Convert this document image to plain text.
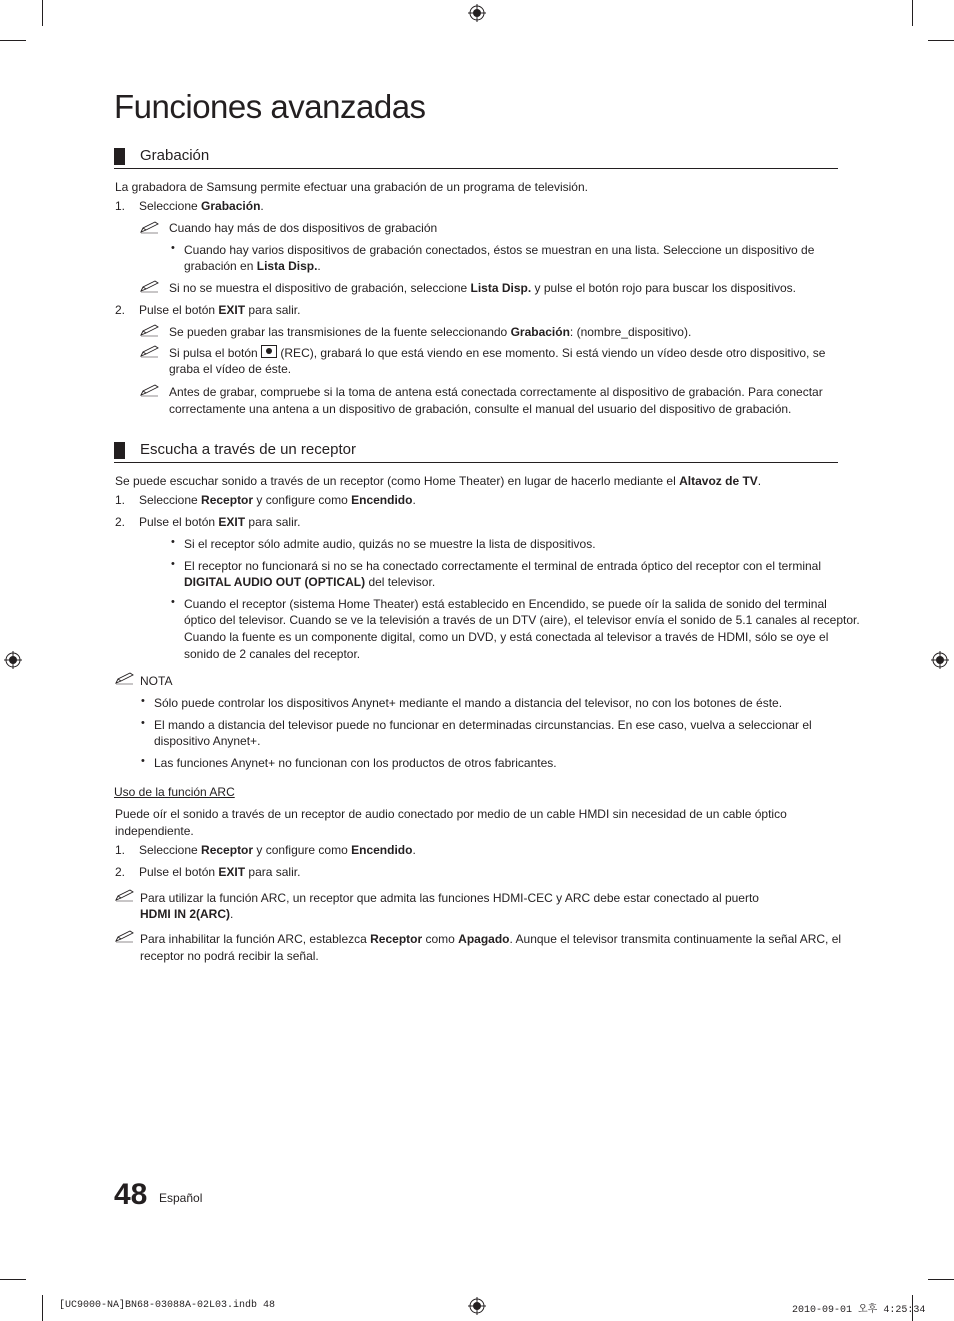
Funciones avanzadas
Grabación
La grabadora de Samsung permite efectuar una grabación de un programa de televisión.
1. Seleccione Grabación.
Cuando hay más de dos dispositivos de grabación
• Cuando hay varios dispositivos de grabación conectados, éstos se muestran en una lista. Seleccione un dispositivo de
grabación en Lista Disp..
Si no se muestra el dispositivo de grabación, seleccione Lista Disp. y pulse el botón rojo para buscar los dispositivos.
2. Pulse el botón EXIT para salir.
Se pueden grabar las transmisiones de la fuente seleccionando Grabación: (nombre_dispositivo).
Si pulsa el botón  (REC), grabará lo que está viendo en ese momento. Si está viendo un vídeo desde otro dispositivo, se
graba el vídeo de éste.
Antes de grabar, compruebe si la toma de antena está conectada correctamente al dispositivo de grabación. Para conectar
correctamente una antena a un dispositivo de grabación, consulte el manual del usuario del dispositivo de grabación.
Escucha a través de un receptor
Se puede escuchar sonido a través de un receptor (como Home Theater) en lugar de hacerlo mediante el Altavoz de TV.
1. Seleccione Receptor y configure como Encendido.
2. Pulse el botón EXIT para salir.
• Si el receptor sólo admite audio, quizás no se muestre la lista de dispositivos.
• El receptor no funcionará si no se ha conectado correctamente el terminal de entrada óptico del receptor con el terminal
DIGITAL AUDIO OUT (OPTICAL) del televisor.
• Cuando el receptor (sistema Home Theater) está establecido en Encendido, se puede oír la salida de sonido del terminal
óptico del televisor. Cuando se ve la televisión a través de un DTV (aire), el televisor envía el sonido de 5.1 canales al receptor.
Cuando la fuente es un componente digital, como un DVD, y está conectada al televisor a través de HDMI, sólo se oye el
sonido de 2 canales del receptor.
NOTA
• Sólo puede controlar los dispositivos Anynet+ mediante el mando a distancia del televisor, no con los botones de éste.
• El mando a distancia del televisor puede no funcionar en determinadas circunstancias. En ese caso, vuelva a seleccionar el
dispositivo Anynet+.
• Las funciones Anynet+ no funcionan con los productos de otros fabricantes.
Uso de la función ARC
Puede oír el sonido a través de un receptor de audio conectado por medio de un cable HMDI sin necesidad de un cable óptico
independiente.
1. Seleccione Receptor y configure como Encendido.
2. Pulse el botón EXIT para salir.
Para utilizar la función ARC, un receptor que admita las funciones HDMI-CEC y ARC debe estar conectado al puerto
HDMI IN 2(ARC).
Para inhabilitar la función ARC, establezca Receptor como Apagado. Aunque el televisor transmita continuamente la señal ARC, el
receptor no podrá recibir la señal.
48 Español
[UC9000-NA]BN68-03088A-02L03.indb 48	2010-09-01 오후 4:25:34
